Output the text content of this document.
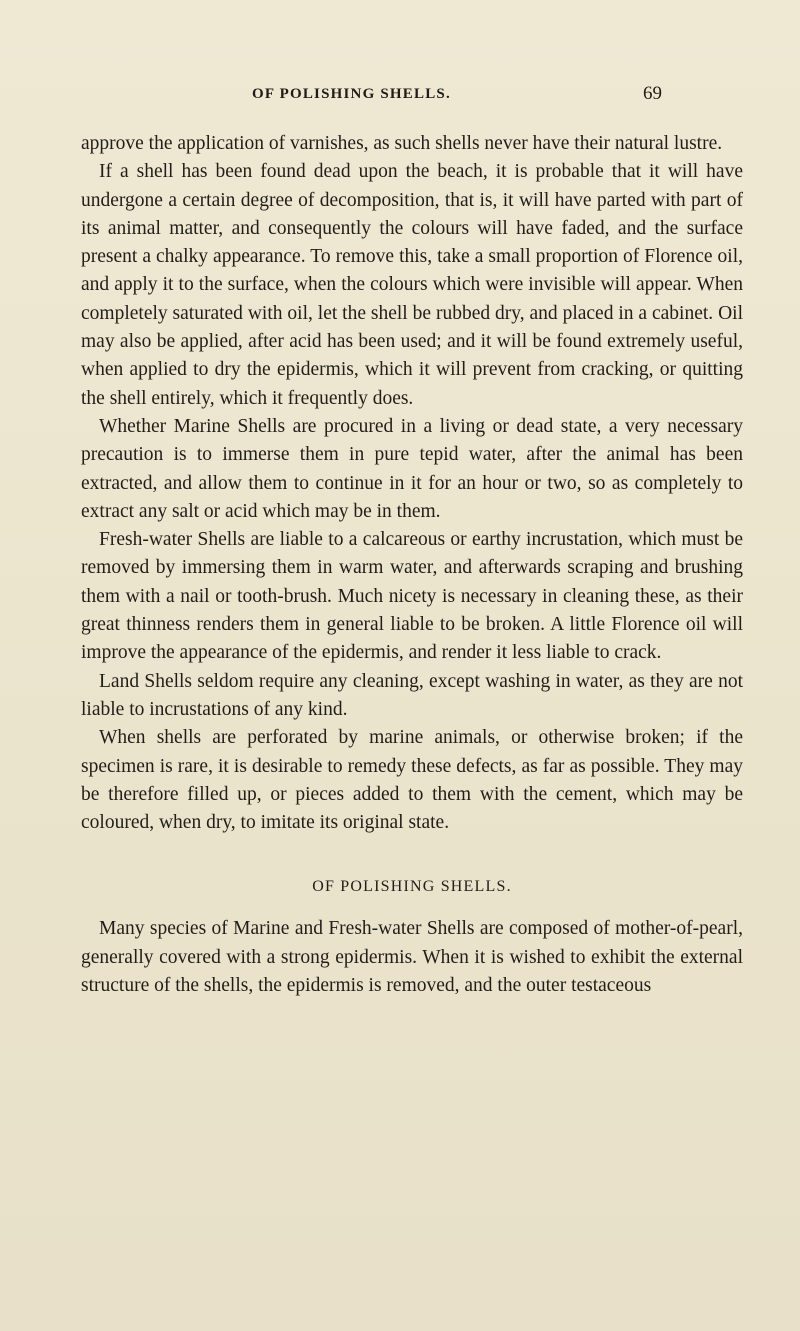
OF POLISHING SHELLS.	69

approve the application of varnishes, as such shells never have their natural lustre.

If a shell has been found dead upon the beach, it is probable that it will have undergone a certain degree of decomposition, that is, it will have parted with part of its animal matter, and consequently the colours will have faded, and the surface present a chalky appearance. To remove this, take a small proportion of Florence oil, and apply it to the surface, when the colours which were invisible will appear. When completely saturated with oil, let the shell be rubbed dry, and placed in a cabinet. Oil may also be applied, after acid has been used; and it will be found extremely useful, when applied to dry the epidermis, which it will prevent from cracking, or quitting the shell entirely, which it frequently does.

Whether Marine Shells are procured in a living or dead state, a very necessary precaution is to immerse them in pure tepid water, after the animal has been extracted, and allow them to continue in it for an hour or two, so as completely to extract any salt or acid which may be in them.

Fresh-water Shells are liable to a calcareous or earthy incrustation, which must be removed by immersing them in warm water, and afterwards scraping and brushing them with a nail or tooth-brush. Much nicety is necessary in cleaning these, as their great thinness renders them in general liable to be broken. A little Florence oil will improve the appearance of the epidermis, and render it less liable to crack.

Land Shells seldom require any cleaning, except washing in water, as they are not liable to incrustations of any kind.

When shells are perforated by marine animals, or otherwise broken; if the specimen is rare, it is desirable to remedy these defects, as far as possible. They may be therefore filled up, or pieces added to them with the cement, which may be coloured, when dry, to imitate its original state.

OF POLISHING SHELLS.

Many species of Marine and Fresh-water Shells are composed of mother-of-pearl, generally covered with a strong epidermis. When it is wished to exhibit the external structure of the shells, the epidermis is removed, and the outer testaceous
